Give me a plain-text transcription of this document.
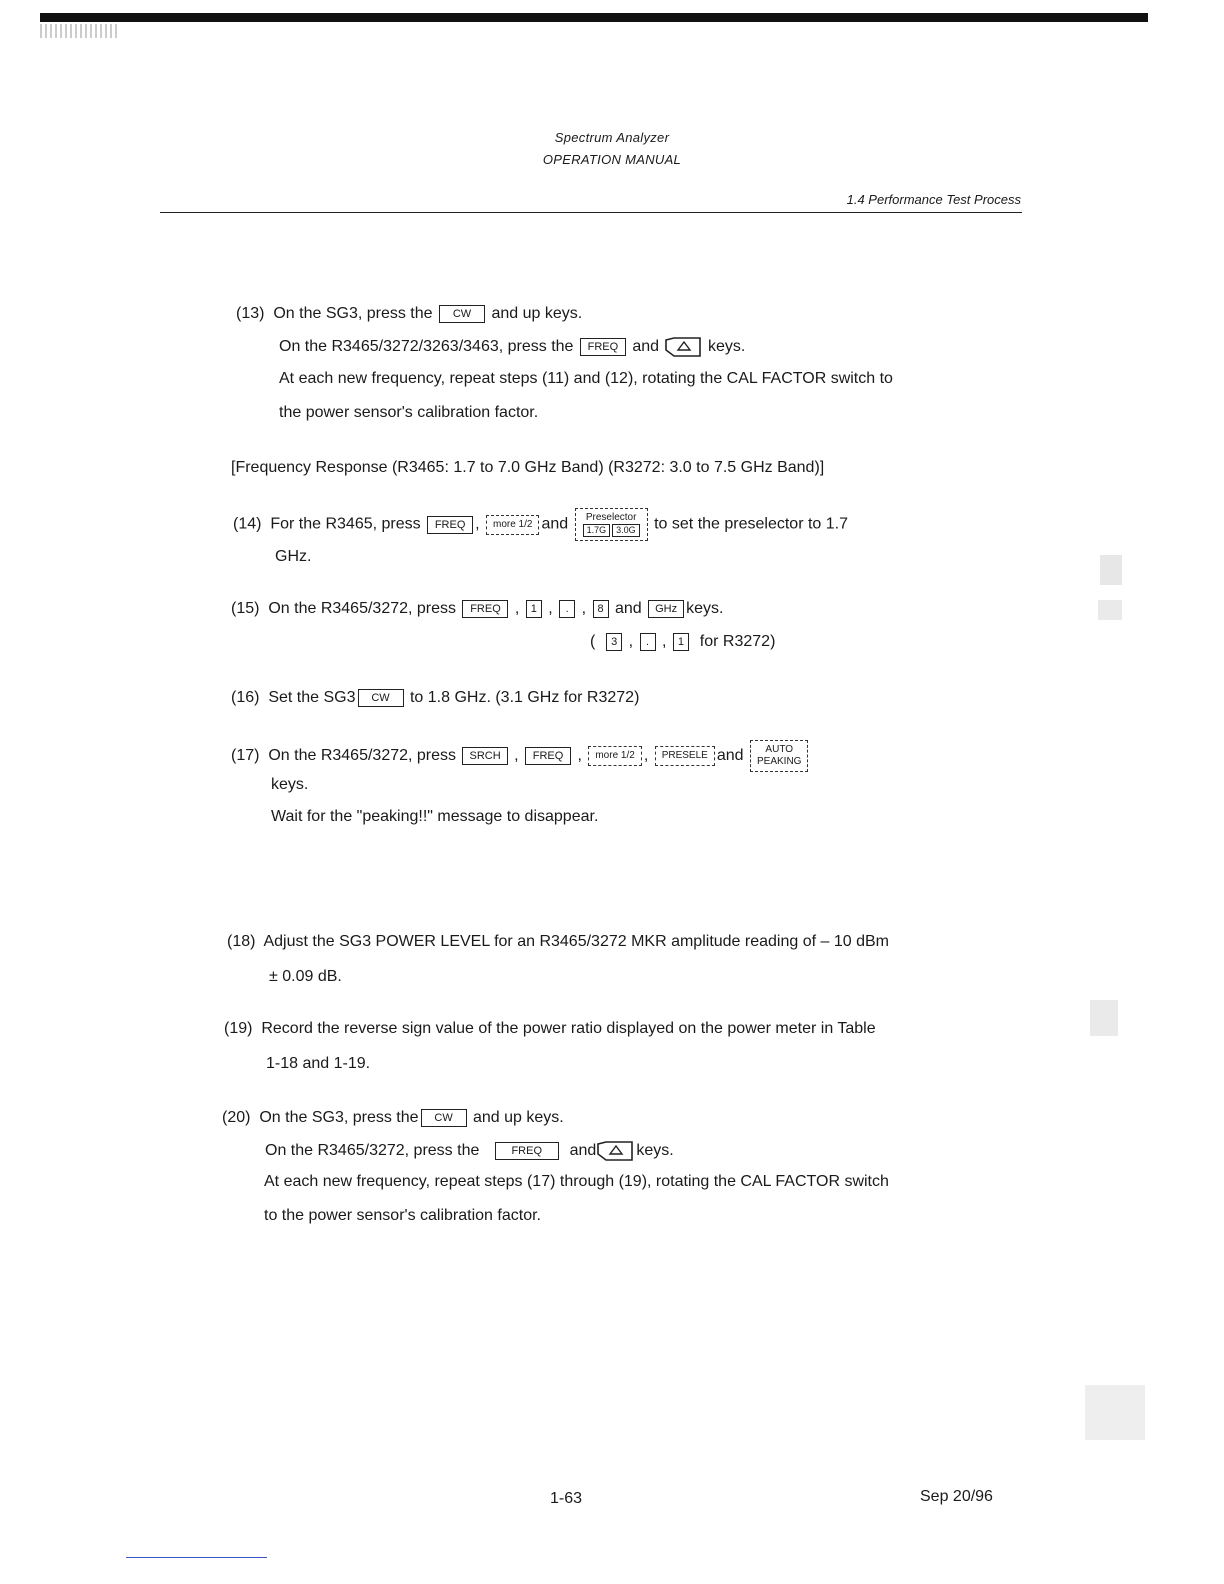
Spectrum Analyzer
OPERATION MANUAL
1.4 Performance Test Process
(13) On the SG3, press the CW and up keys.
On the R3465/3272/3263/3463, press the FREQ and	keys.
At each new frequency, repeat steps (11) and (12), rotating the CAL FACTOR switch to
the power sensor's calibration factor.
[Frequency Response (R3465: 1.7 to 7.0 GHz Band) (R3272: 3.0 to 7.5 GHz Band)]
(14) For the R3465, press FREQ , more 1/2 and Preselector
1.7G 3.0G to set the preselector to 1.7
GHz.
(15) On the R3465/3272, press FREQ , 1 , . , 8 and GHz keys.
( 3 , . , 1 for R3272)
(16) Set the SG3 CW to 1.8 GHz. (3.1 GHz for R3272)
(17) On the R3465/3272, press SRCH , FREQ , more 1/2 , PRESELE and AUTO
PEAKING
keys.
Wait for the "peaking!!" message to disappear.
(18) Adjust the SG3 POWER LEVEL for an R3465/3272 MKR amplitude reading of – 10 dBm
± 0.09 dB.
(19) Record the reverse sign value of the power ratio displayed on the power meter in Table
1-18 and 1-19.
(20) On the SG3, press the CW and up keys.
On the R3465/3272, press the	FREQ and	keys.
At each new frequency, repeat steps (17) through (19), rotating the CAL FACTOR switch
to the power sensor's calibration factor.
1-63	Sep 20/96
